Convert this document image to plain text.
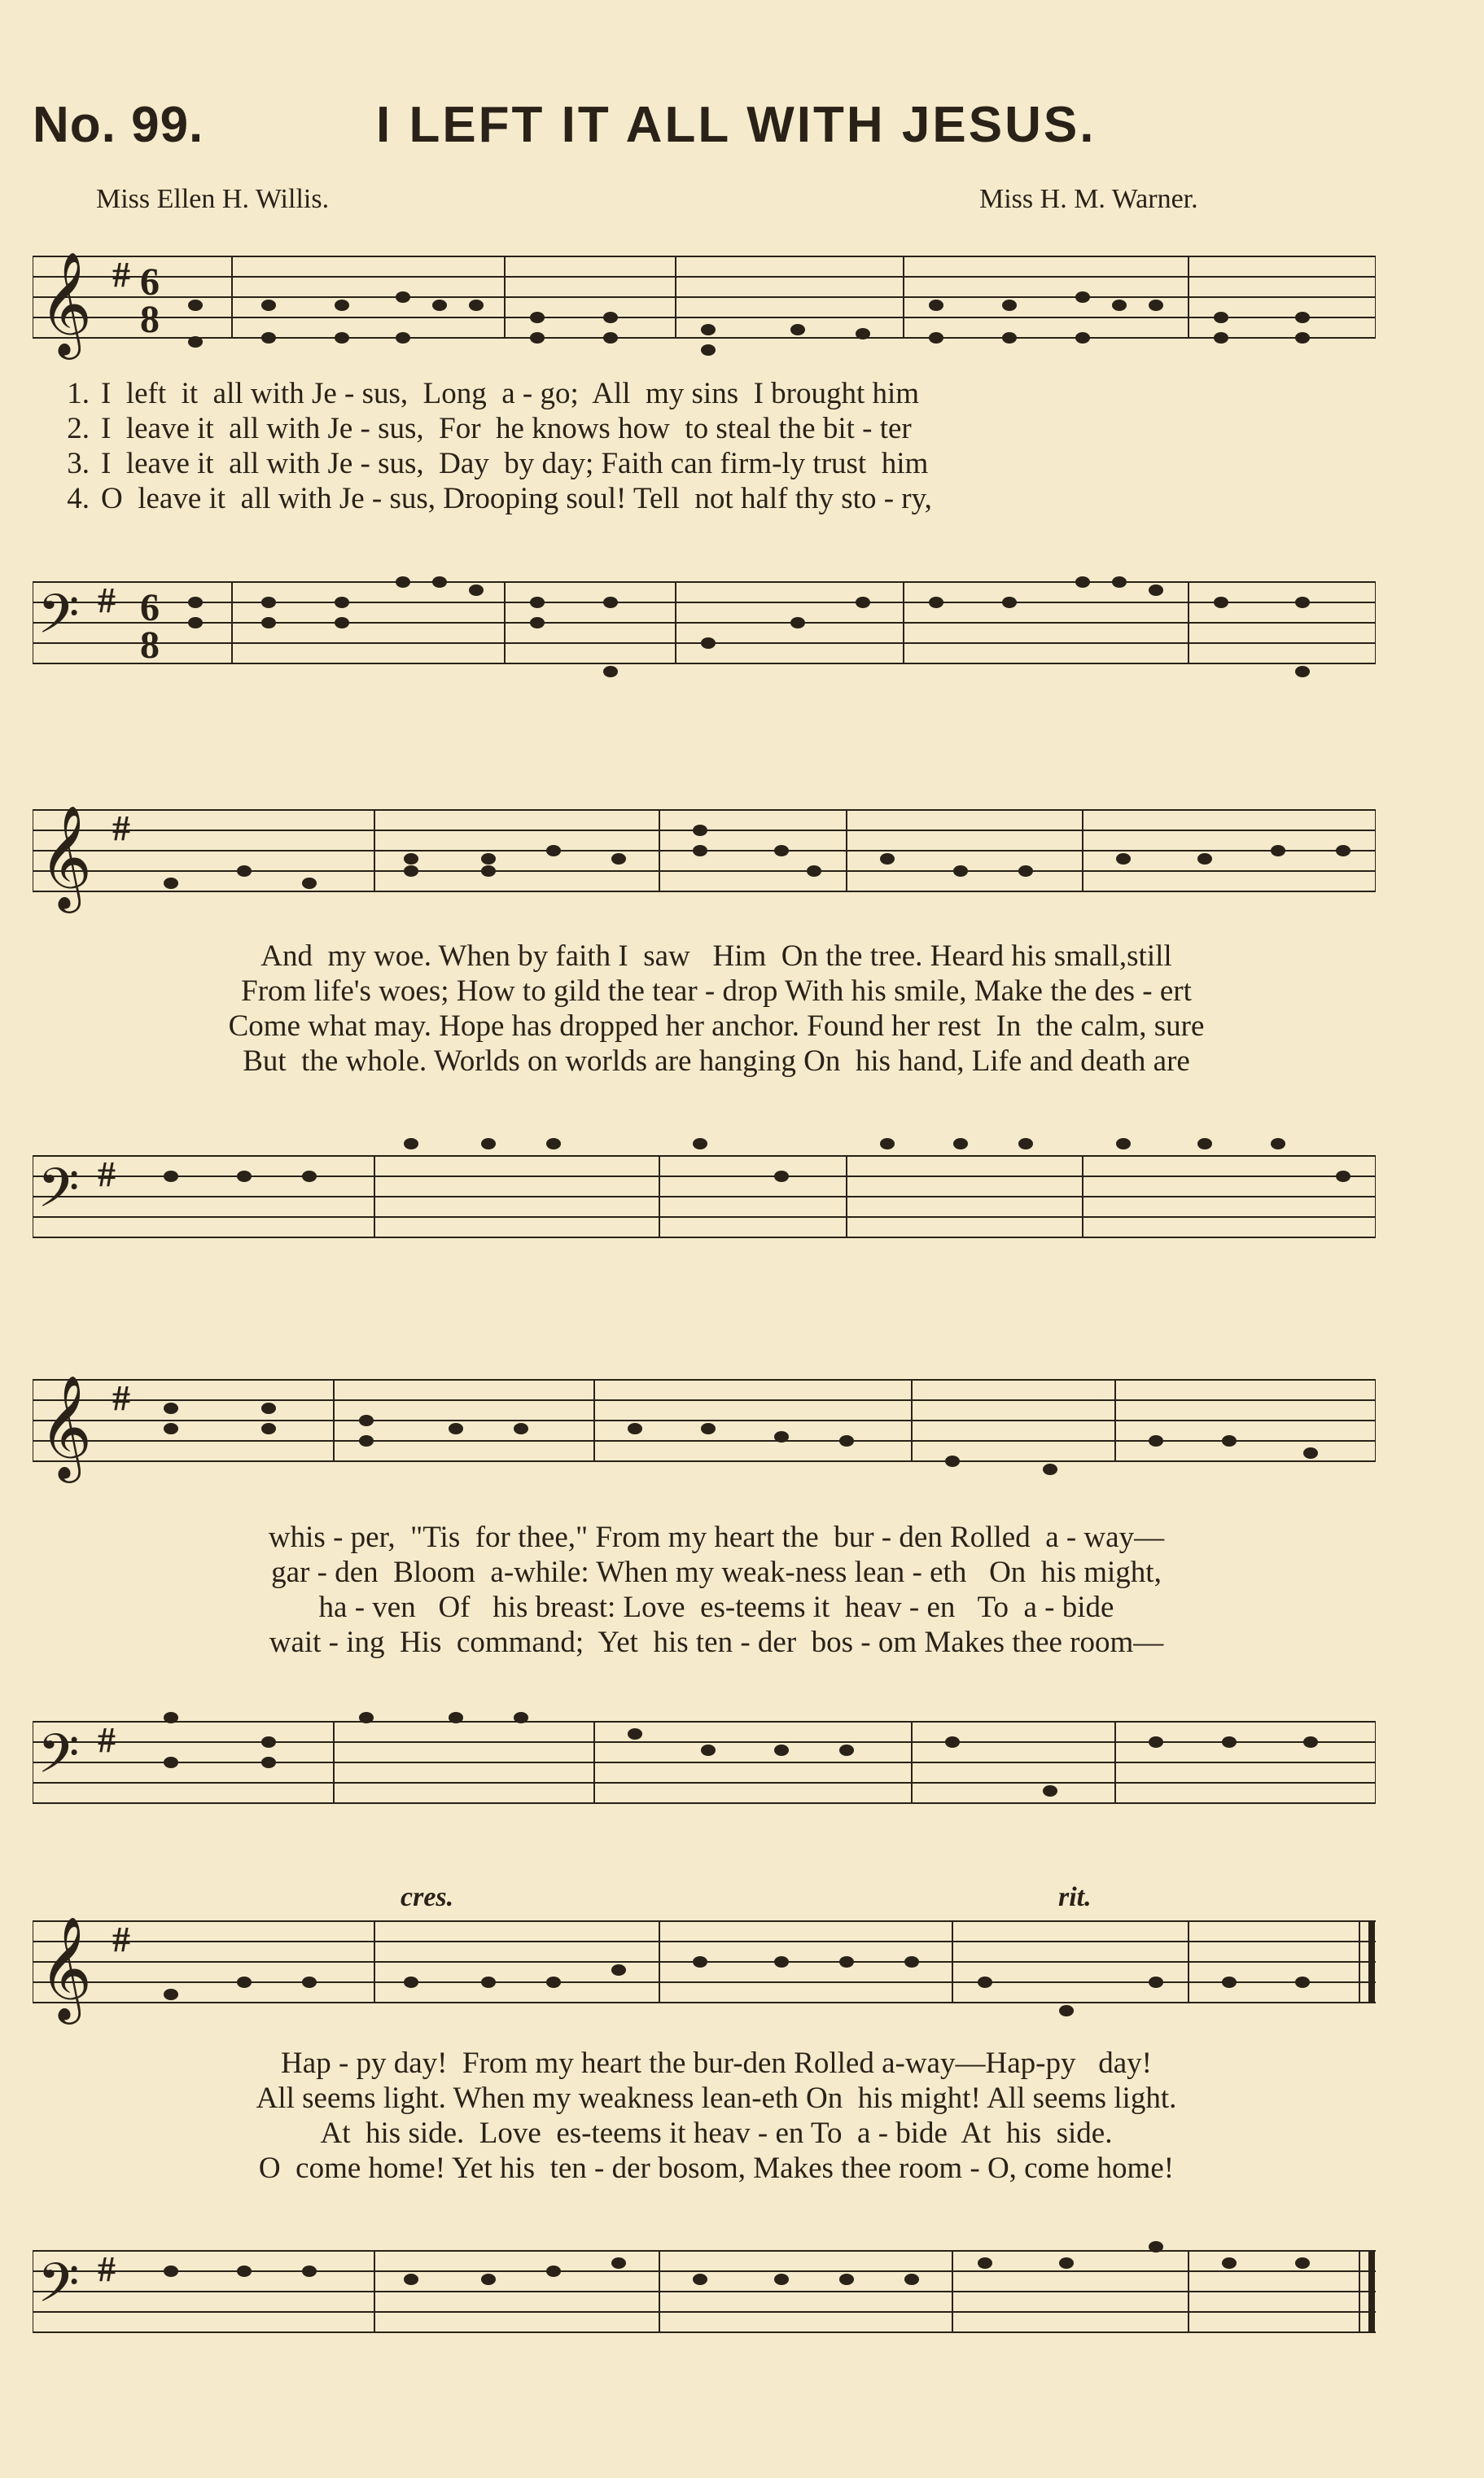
No. 99.	I LEFT IT ALL WITH JESUS.
Miss Ellen H. Willis.	Miss H. M. Warner.
𝄞 # 6
8
1. I  left  it  all with Je - sus,  Long  a - go;  All  my sins  I brought him
2. I  leave it  all with Je - sus,  For  he knows how  to steal the bit - ter
3. I  leave it  all with Je - sus,  Day  by day; Faith can firm-ly trust  him
4. O  leave it  all with Je - sus, Drooping soul! Tell  not half thy sto - ry,
𝄢 # 6
8
𝄞 #
And  my woe. When by faith I  saw   Him  On the tree. Heard his small,still
From life's woes; How to gild the tear - drop With his smile, Make the des - ert
Come what may. Hope has dropped her anchor. Found her rest  In  the calm, sure
But  the whole. Worlds on worlds are hanging On  his hand, Life and death are
𝄢 #
𝄞 #
whis - per,  "Tis  for thee," From my heart the  bur - den Rolled  a - way—
gar - den  Bloom  a-while: When my weak-ness lean - eth   On  his might,
ha - ven   Of   his breast: Love  es-teems it  heav - en   To  a - bide
wait - ing  His  command;  Yet  his ten - der  bos - om Makes thee room—
𝄢 #
cres.	rit.
𝄞 #
Hap - py day!  From my heart the bur-den Rolled a-way—Hap-py   day!
All seems light. When my weakness lean-eth On  his might! All seems light.
At  his side.  Love  es-teems it heav - en To  a - bide  At  his  side.
O  come home! Yet his  ten - der bosom, Makes thee room - O, come home!
𝄢 #
